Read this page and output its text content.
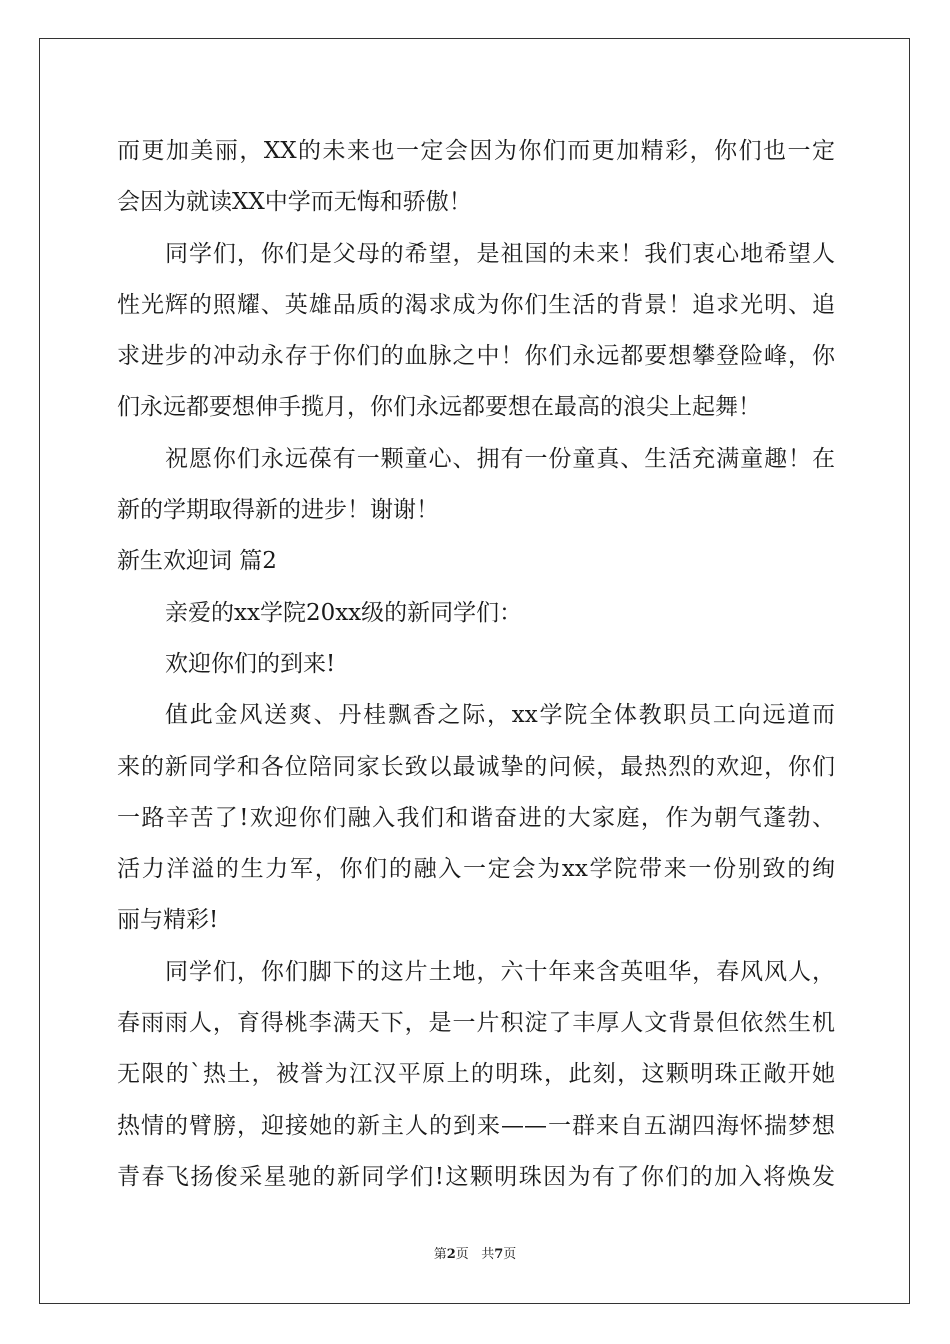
而更加美丽，XX的未来也一定会因为你们而更加精彩，你们也一定
会因为就读XX中学而无悔和骄傲！
同学们，你们是父母的希望，是祖国的未来！我们衷心地希望人
性光辉的照耀、英雄品质的渴求成为你们生活的背景！追求光明、追
求进步的冲动永存于你们的血脉之中！你们永远都要想攀登险峰，你
们永远都要想伸手揽月，你们永远都要想在最高的浪尖上起舞！
祝愿你们永远葆有一颗童心、拥有一份童真、生活充满童趣！在
新的学期取得新的进步！谢谢！
新生欢迎词 篇2
亲爱的xx学院20xx级的新同学们：
欢迎你们的到来!
值此金风送爽、丹桂飘香之际，xx学院全体教职员工向远道而
来的新同学和各位陪同家长致以最诚挚的问候，最热烈的欢迎，你们
一路辛苦了!欢迎你们融入我们和谐奋进的大家庭，作为朝气蓬勃、
活力洋溢的生力军，你们的融入一定会为xx学院带来一份别致的绚
丽与精彩!
同学们，你们脚下的这片土地，六十年来含英咀华，春风风人，
春雨雨人，育得桃李满天下，是一片积淀了丰厚人文背景但依然生机
无限的`热土，被誉为江汉平原上的明珠，此刻，这颗明珠正敞开她
热情的臂膀，迎接她的新主人的到来——一群来自五湖四海怀揣梦想
青春飞扬俊采星驰的新同学们!这颗明珠因为有了你们的加入将焕发
第2页 共7页
